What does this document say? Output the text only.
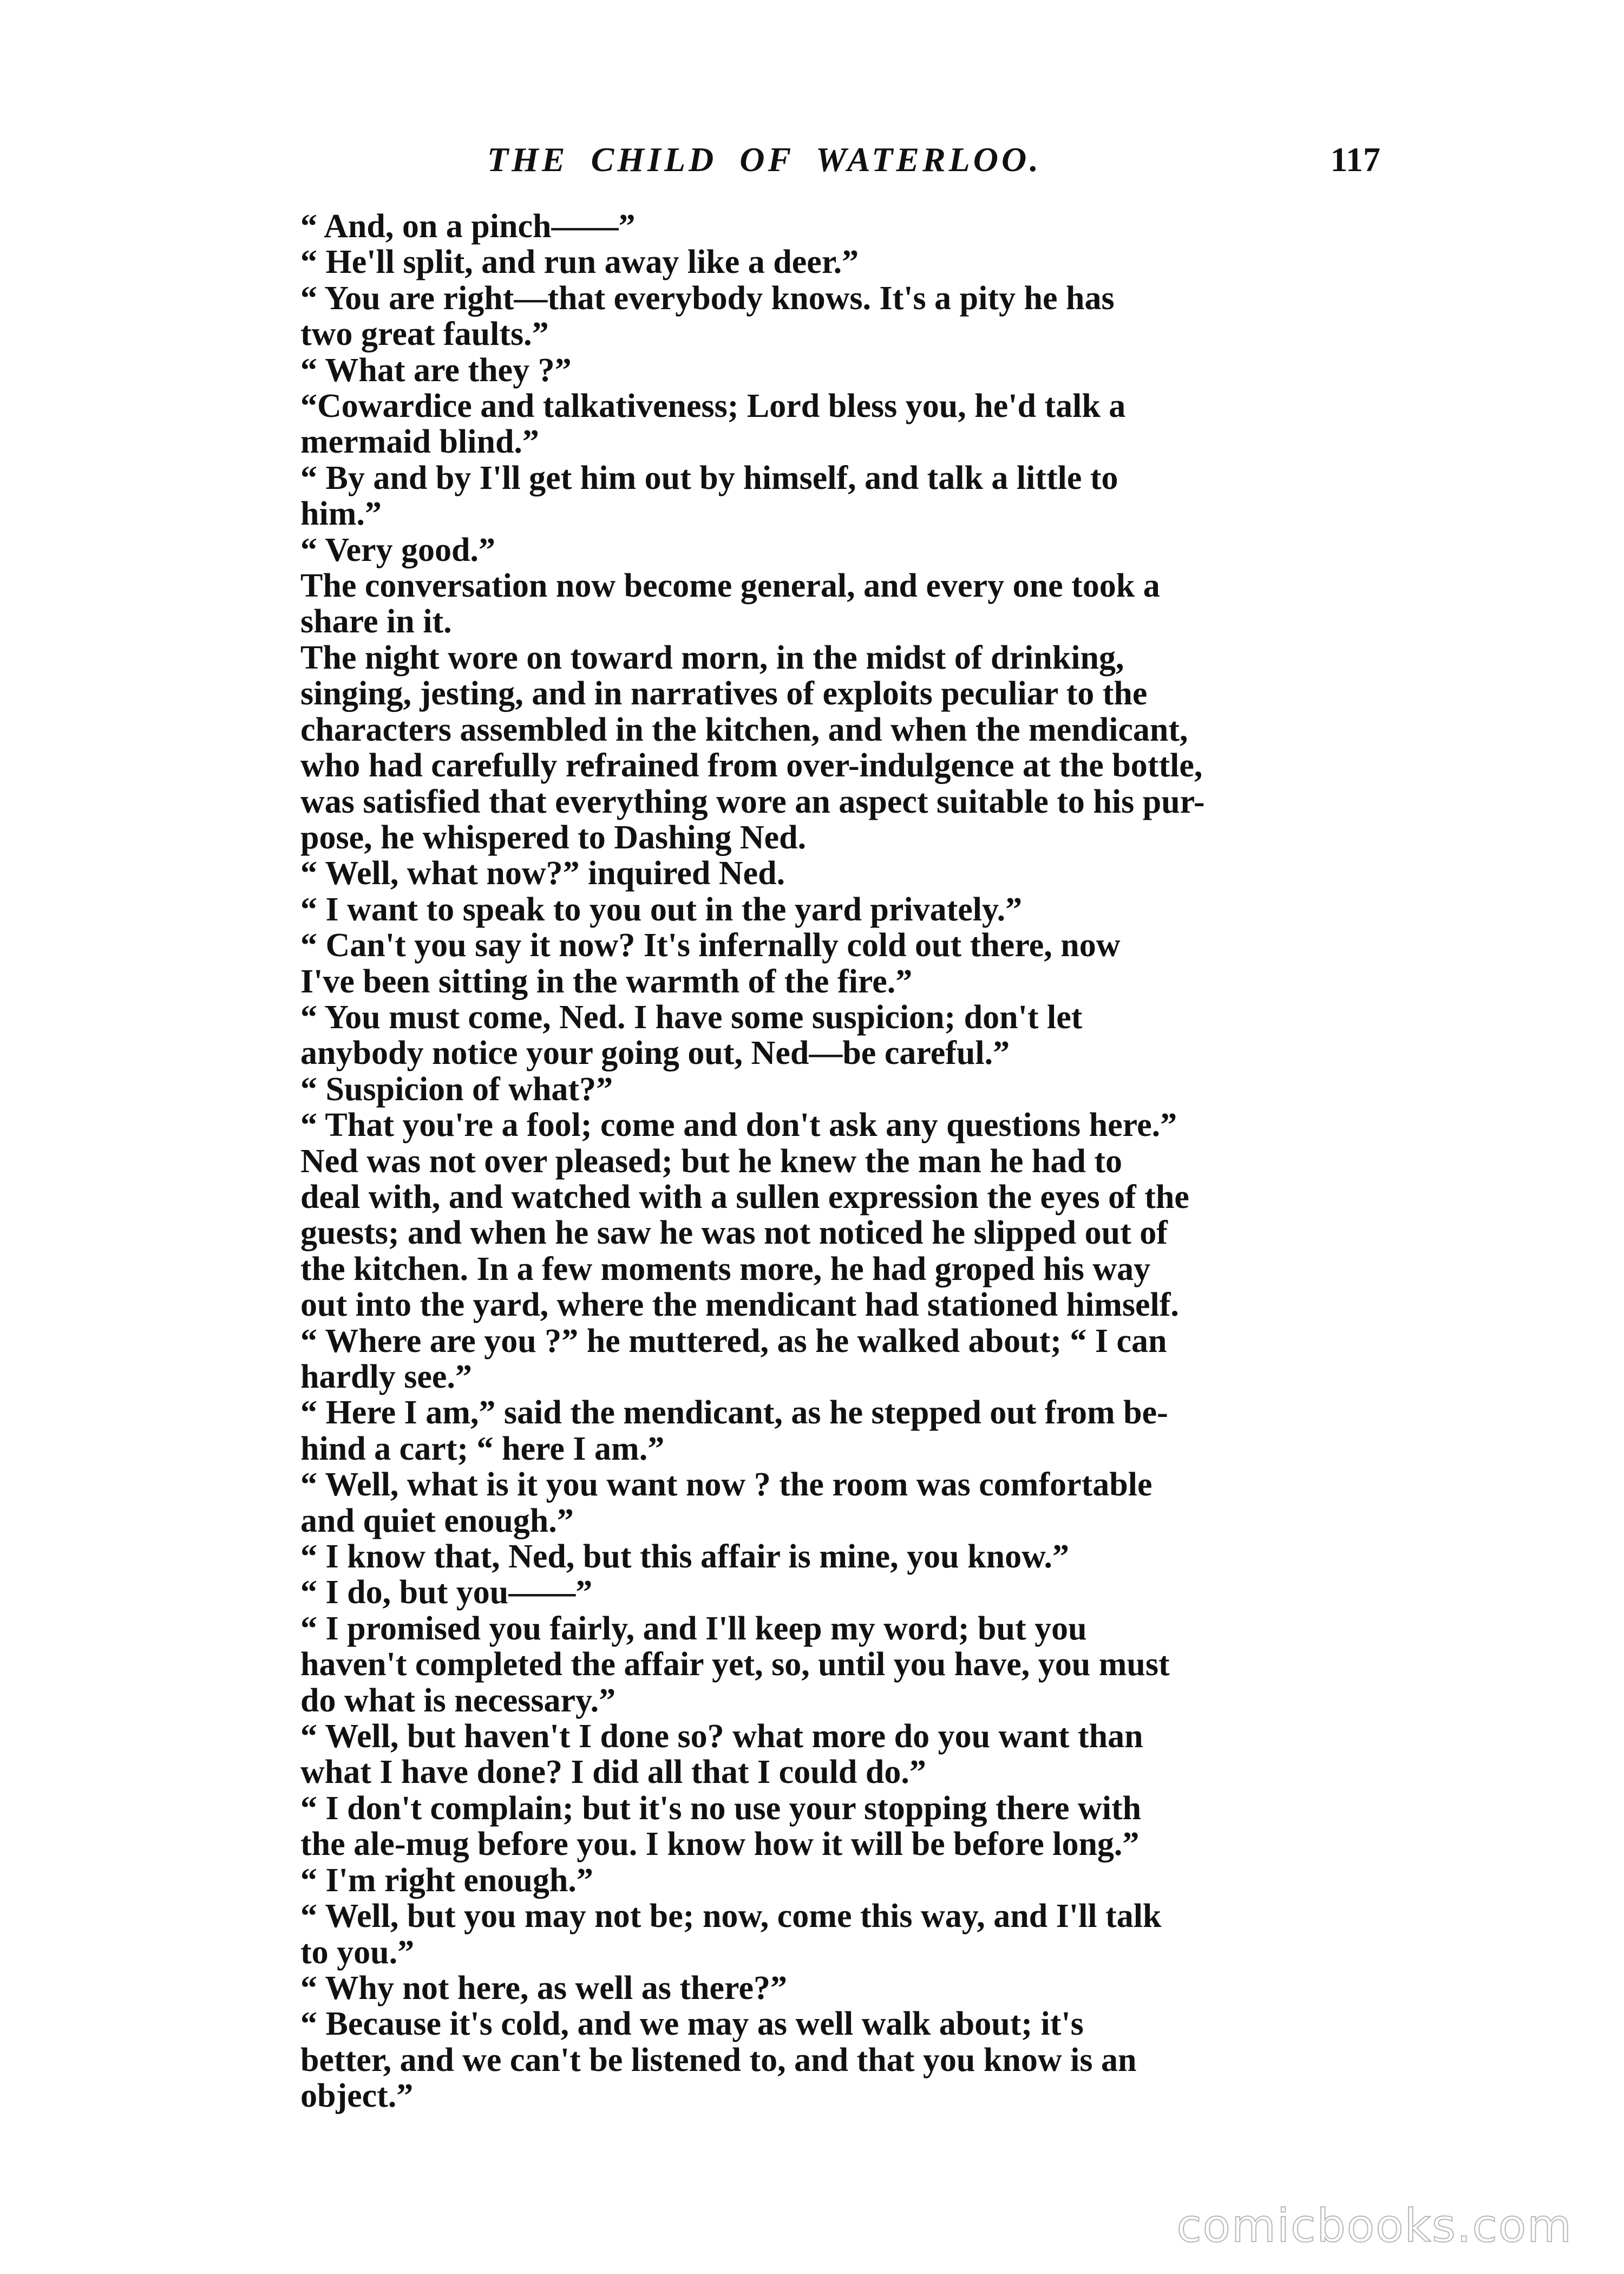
THE CHILD OF WATERLOO.	117

“ And, on a pinch——”

“ He'll split, and run away like a deer.”

“ You are right—that everybody knows. It's a pity he has

two great faults.”

“ What are they ?”

“Cowardice and talkativeness; Lord bless you, he'd talk a

mermaid blind.”

“ By and by I'll get him out by himself, and talk a little to

him.”

“ Very good.”

The conversation now become general, and every one took a

share in it.

The night wore on toward morn, in the midst of drinking,

singing, jesting, and in narratives of exploits peculiar to the

characters assembled in the kitchen, and when the mendicant,

who had carefully refrained from over-indulgence at the bottle,

was satisfied that everything wore an aspect suitable to his pur-

pose, he whispered to Dashing Ned.

“ Well, what now?” inquired Ned.

“ I want to speak to you out in the yard privately.”

“ Can't you say it now? It's infernally cold out there, now

I've been sitting in the warmth of the fire.”

“ You must come, Ned. I have some suspicion; don't let

anybody notice your going out, Ned—be careful.”

“ Suspicion of what?”

“ That you're a fool; come and don't ask any questions here.”

Ned was not over pleased; but he knew the man he had to

deal with, and watched with a sullen expression the eyes of the

guests; and when he saw he was not noticed he slipped out of

the kitchen. In a few moments more, he had groped his way

out into the yard, where the mendicant had stationed himself.

“ Where are you ?” he muttered, as he walked about; “ I can

hardly see.”

“ Here I am,” said the mendicant, as he stepped out from be-

hind a cart; “ here I am.”

“ Well, what is it you want now ? the room was comfortable

and quiet enough.”

“ I know that, Ned, but this affair is mine, you know.”

“ I do, but you——”

“ I promised you fairly, and I'll keep my word; but you

haven't completed the affair yet, so, until you have, you must

do what is necessary.”

“ Well, but haven't I done so? what more do you want than

what I have done? I did all that I could do.”

“ I don't complain; but it's no use your stopping there with

the ale-mug before you. I know how it will be before long.”

“ I'm right enough.”

“ Well, but you may not be; now, come this way, and I'll talk

to you.”

“ Why not here, as well as there?”

“ Because it's cold, and we may as well walk about; it's

better, and we can't be listened to, and that you know is an

object.”

comicbooks.com
